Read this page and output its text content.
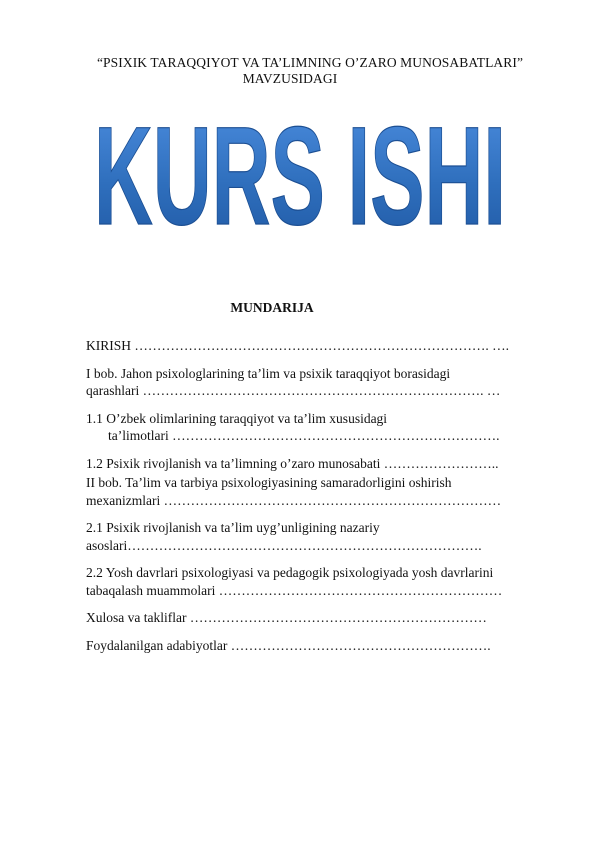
“PSIXIK TARAQQIYOT VA TA’LIMNING O’ZARO MUNOSABATLARI”
MAVZUSIDAGI
KURS ISHI
MUNDARIJA
KIRISH ……………………………………………………………………. ….
I bob. Jahon psixologlarining ta’lim va psixik taraqqiyot borasidagi
qarashlari …………………………………………………………………. …
1.1 O’zbek olimlarining taraqqiyot va ta’lim xususidagi
ta’limotlari ……………………………………………………………….
1.2 Psixik rivojlanish va ta’limning o’zaro munosabati ……………………..
II bob. Ta’lim va tarbiya psixologiyasining samaradorligini oshirish
mexanizmlari …………………………………………………………………
2.1 Psixik rivojlanish va ta’lim uyg’unligining nazariy
asoslari…………………………………………………………………….
2.2 Yosh davrlari psixologiyasi va pedagogik psixologiyada yosh davrlarini
tabaqalash muammolari ………………………………………………………
Xulosa va takliflar …………………………………………………………
Foydalanilgan adabiyotlar ………………………………………………….
